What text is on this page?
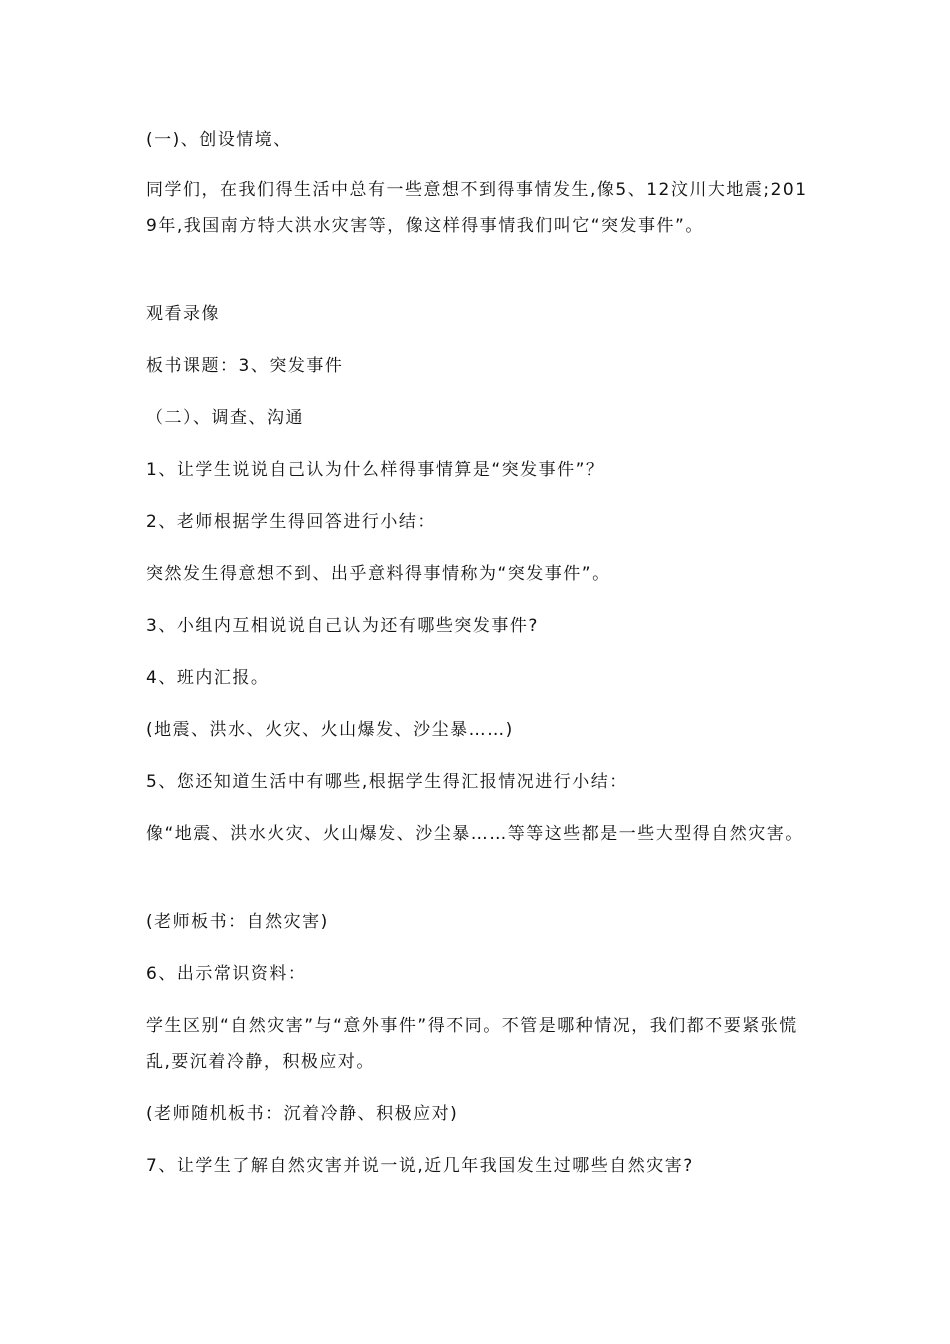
(一)、创设情境、
同学们，在我们得生活中总有一些意想不到得事情发生,像5、12汶川大地震;2019年,我国南方特大洪水灾害等，像这样得事情我们叫它“突发事件”。
观看录像
板书课题：3、突发事件
（二）、调查、沟通
1、让学生说说自己认为什么样得事情算是“突发事件”？
2、老师根据学生得回答进行小结：
突然发生得意想不到、出乎意料得事情称为“突发事件”。
3、小组内互相说说自己认为还有哪些突发事件?
4、班内汇报。
(地震、洪水、火灾、火山爆发、沙尘暴……)
5、您还知道生活中有哪些,根据学生得汇报情况进行小结：
像“地震、洪水火灾、火山爆发、沙尘暴……等等这些都是一些大型得自然灾害。
(老师板书：自然灾害)
6、出示常识资料：
学生区别“自然灾害”与“意外事件”得不同。不管是哪种情况，我们都不要紧张慌乱,要沉着冷静，积极应对。
(老师随机板书：沉着冷静、积极应对)
7、让学生了解自然灾害并说一说,近几年我国发生过哪些自然灾害?
